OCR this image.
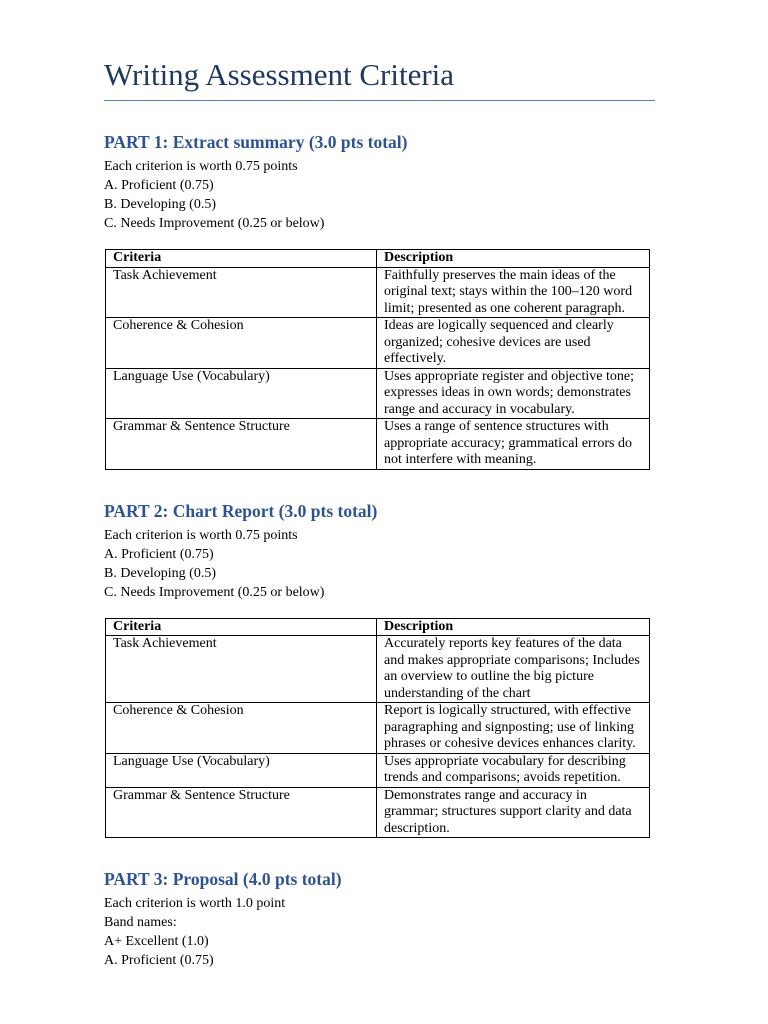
Writing Assessment Criteria
PART 1: Extract summary (3.0 pts total)
Each criterion is worth 0.75 points
A. Proficient (0.75)
B. Developing (0.5)
C. Needs Improvement (0.25 or below)
Criteria	Description
Task Achievement	Faithfully preserves the main ideas of the original text; stays within the 100–120 word limit; presented as one coherent paragraph.
Coherence & Cohesion	Ideas are logically sequenced and clearly organized; cohesive devices are used effectively.
Language Use (Vocabulary)	Uses appropriate register and objective tone; expresses ideas in own words; demonstrates range and accuracy in vocabulary.
Grammar & Sentence Structure	Uses a range of sentence structures with appropriate accuracy; grammatical errors do not interfere with meaning.
PART 2: Chart Report (3.0 pts total)
Each criterion is worth 0.75 points
A. Proficient (0.75)
B. Developing (0.5)
C. Needs Improvement (0.25 or below)
Criteria	Description
Task Achievement	Accurately reports key features of the data and makes appropriate comparisons; Includes an overview to outline the big picture understanding of the chart
Coherence & Cohesion	Report is logically structured, with effective paragraphing and signposting; use of linking phrases or cohesive devices enhances clarity.
Language Use (Vocabulary)	Uses appropriate vocabulary for describing trends and comparisons; avoids repetition.
Grammar & Sentence Structure	Demonstrates range and accuracy in grammar; structures support clarity and data description.
PART 3: Proposal (4.0 pts total)
Each criterion is worth 1.0 point
Band names:
A+ Excellent (1.0)
A. Proficient (0.75)
